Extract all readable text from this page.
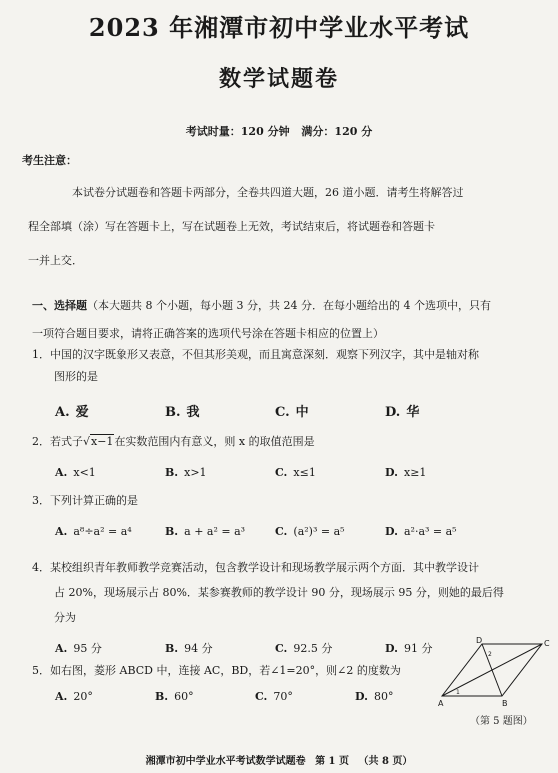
2023 年湘潭市初中学业水平考试
数学试题卷
考试时量：120 分钟 满分：120 分
考生注意：
本试卷分试题卷和答题卡两部分，全卷共四道大题，26 道小题．请考生将解答过
程全部填（涂）写在答题卡上，写在试题卷上无效，考试结束后，将试题卷和答题卡
一并上交．
一、选择题（本大题共 8 个小题，每小题 3 分，共 24 分．在每小题给出的 4 个选项中，只有
一项符合题目要求，请将正确答案的选项代号涂在答题卡相应的位置上）
1．中国的汉字既象形又表意，不但其形美观，而且寓意深刻．观察下列汉字，其中是轴对称
图形的是
A. 爱	B. 我	C. 中	D. 华
2．若式子√x−1在实数范围内有意义，则 x 的取值范围是
A. x<1	B. x>1	C. x≤1	D. x≥1
3．下列计算正确的是
A. a⁸÷a² = a⁴	B. a + a² = a³	C. (a²)³ = a⁵	D. a²·a³ = a⁵
4．某校组织青年教师教学竞赛活动，包含教学设计和现场教学展示两个方面．其中教学设计
占 20%，现场展示占 80%．某参赛教师的教学设计 90 分，现场展示 95 分，则她的最后得
分为
A. 95 分	B. 94 分	C. 92.5 分	D. 91 分
5．如右图，菱形 ABCD 中，连接 AC，BD，若∠1=20°，则∠2 的度数为
A. 20°	B. 60°	C. 70°	D. 80°
D	C
A	B
1
2
（第 5 题图）
湘潭市初中学业水平考试数学试题卷 第 1 页 （共 8 页）
